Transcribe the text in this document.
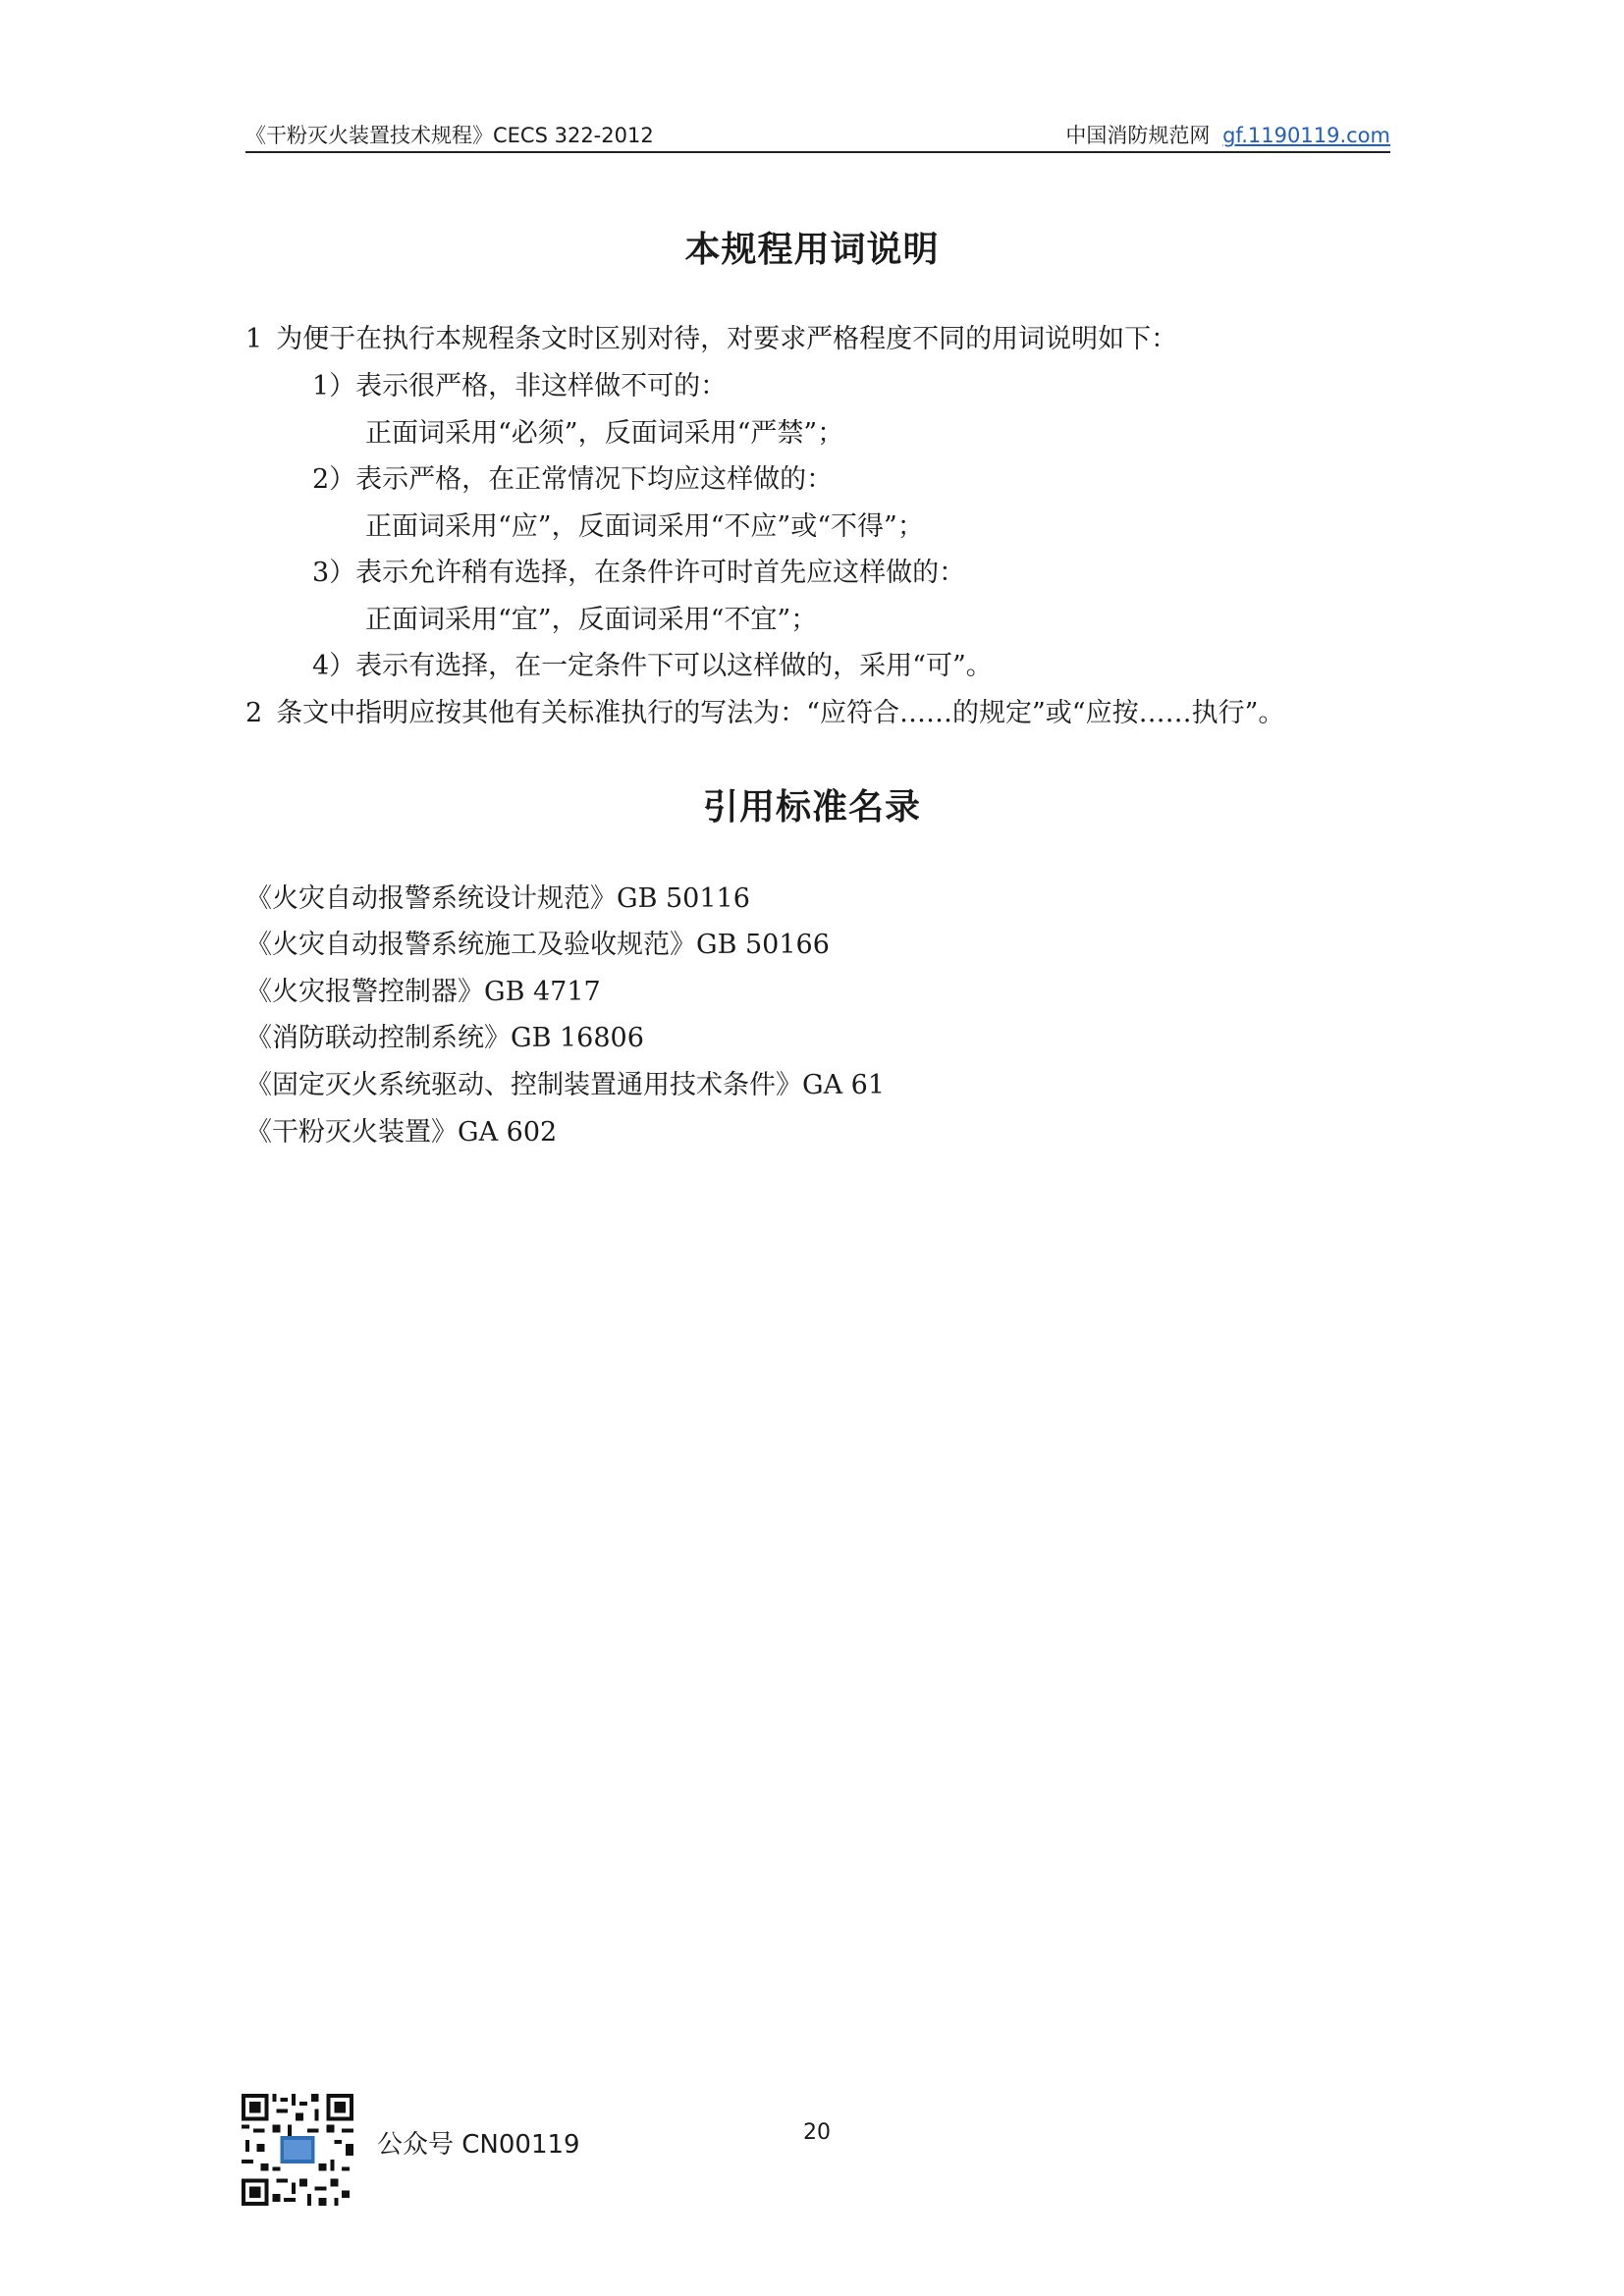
《干粉灭火装置技术规程》CECS 322-2012	中国消防规范网 gf.1190119.com
本规程用词说明
1 为便于在执行本规程条文时区别对待，对要求严格程度不同的用词说明如下：
1）表示很严格，非这样做不可的：
正面词采用“必须”，反面词采用“严禁”；
2）表示严格，在正常情况下均应这样做的：
正面词采用“应”，反面词采用“不应”或“不得”；
3）表示允许稍有选择，在条件许可时首先应这样做的：
正面词采用“宜”，反面词采用“不宜”；
4）表示有选择，在一定条件下可以这样做的，采用“可”。
2 条文中指明应按其他有关标准执行的写法为：“应符合……的规定”或“应按……执行”。
引用标准名录
《火灾自动报警系统设计规范》GB 50116
《火灾自动报警系统施工及验收规范》GB 50166
《火灾报警控制器》GB 4717
《消防联动控制系统》GB 16806
《固定灭火系统驱动、控制装置通用技术条件》GA 61
《干粉灭火装置》GA 602
公众号 CN00119	20
